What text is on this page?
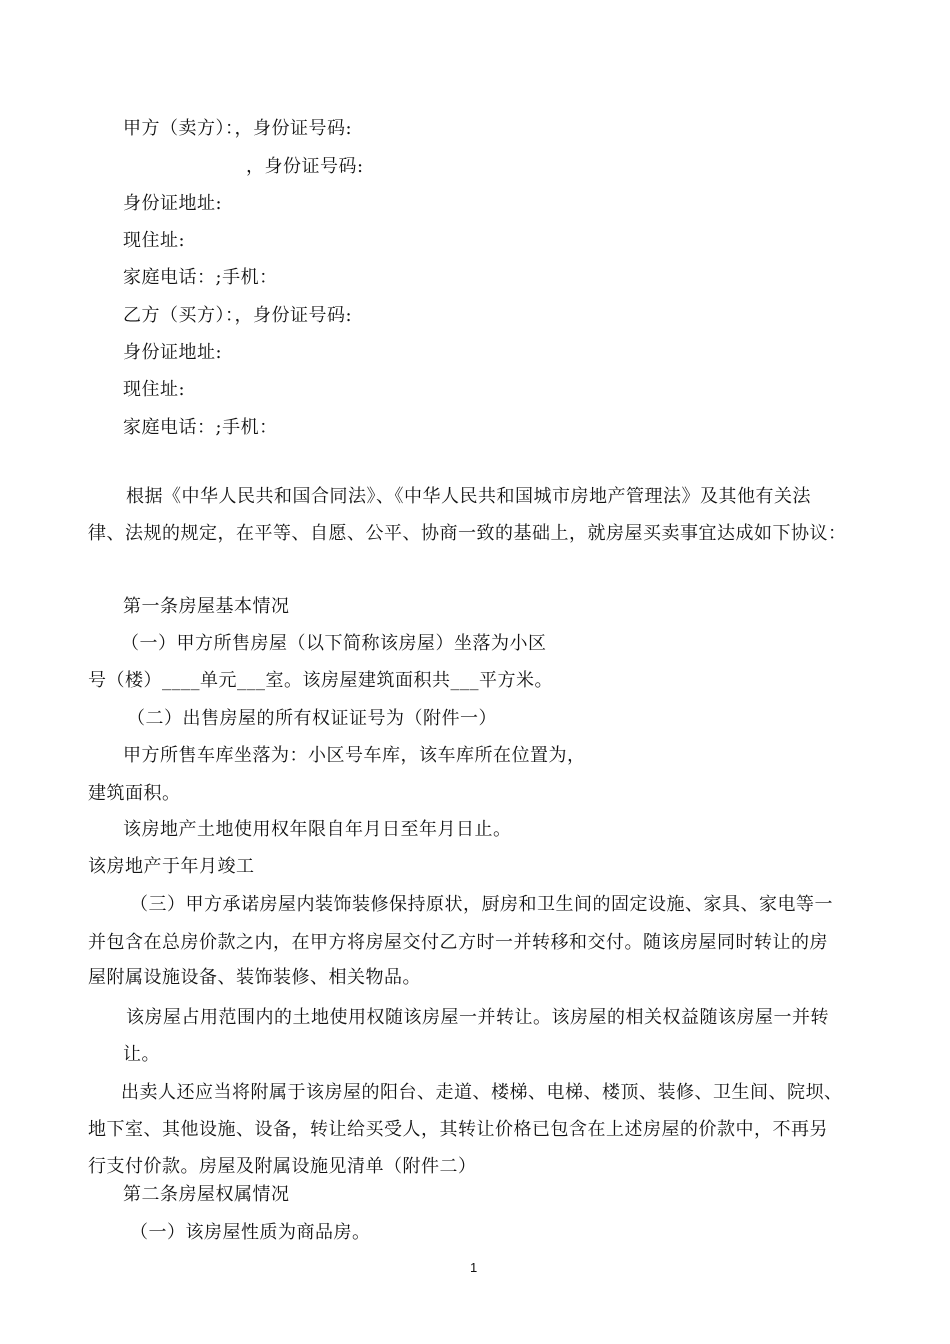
甲方（卖方）：，身份证号码:
，身份证号码:
身份证地址:
现住址:
家庭电话：;手机：
乙方（买方）：，身份证号码:
身份证地址:
现住址:
家庭电话：;手机：
根据《中华人民共和国合同法》、《中华人民共和国城市房地产管理法》及其他有关法
律、法规的规定，在平等、自愿、公平、协商一致的基础上，就房屋买卖事宜达成如下协议：
第一条房屋基本情况
（一）甲方所售房屋（以下简称该房屋）坐落为小区
号（楼）____单元___室。该房屋建筑面积共___平方米。
（二）出售房屋的所有权证证号为（附件一）
甲方所售车库坐落为：小区号车库，该车库所在位置为，
建筑面积。
该房地产土地使用权年限自年月日至年月日止。
该房地产于年月竣工
（三）甲方承诺房屋内装饰装修保持原状，厨房和卫生间的固定设施、家具、家电等一
并包含在总房价款之内，在甲方将房屋交付乙方时一并转移和交付。随该房屋同时转让的房
屋附属设施设备、装饰装修、相关物品。
该房屋占用范围内的土地使用权随该房屋一并转让。该房屋的相关权益随该房屋一并转
让。
出卖人还应当将附属于该房屋的阳台、走道、楼梯、电梯、楼顶、装修、卫生间、院坝、
地下室、其他设施、设备，转让给买受人，其转让价格已包含在上述房屋的价款中，不再另
行支付价款。房屋及附属设施见清单（附件二）
第二条房屋权属情况
（一）该房屋性质为商品房。
1
